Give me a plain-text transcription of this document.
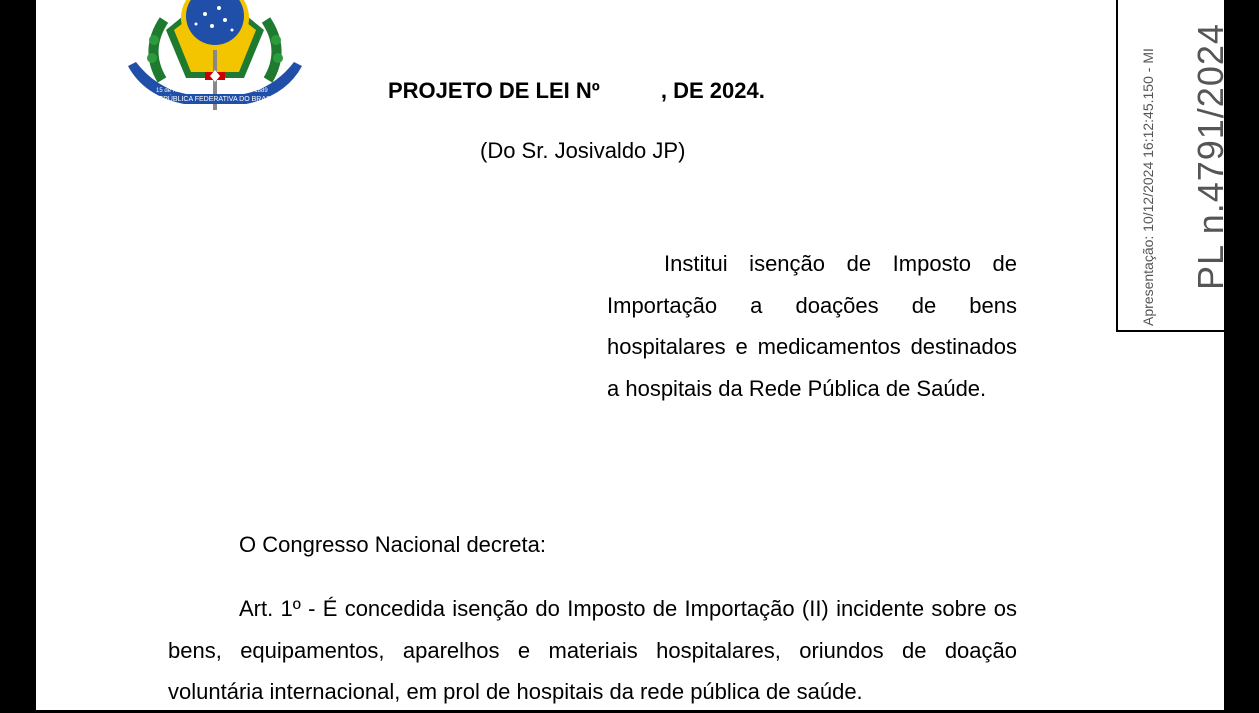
REPÚBLICA FEDERATIVA DO BRASIL
15 de Novembro	de 1889	PROJETO DE LEI Nº          , DE 2024.
(Do Sr. Josivaldo JP)
Institui isenção de Imposto de Importação a doações de bens hospitalares e medicamentos destinados a hospitais da Rede Pública de Saúde.
O Congresso Nacional decreta:
Art. 1º - É concedida isenção do Imposto de Importação (II) incidente sobre os bens, equipamentos, aparelhos e materiais hospitalares, oriundos de doação voluntária internacional, em prol de hospitais da rede pública de saúde.
PL n.4791/2024
Apresentação: 10/12/2024 16:12:45.150 - MI
